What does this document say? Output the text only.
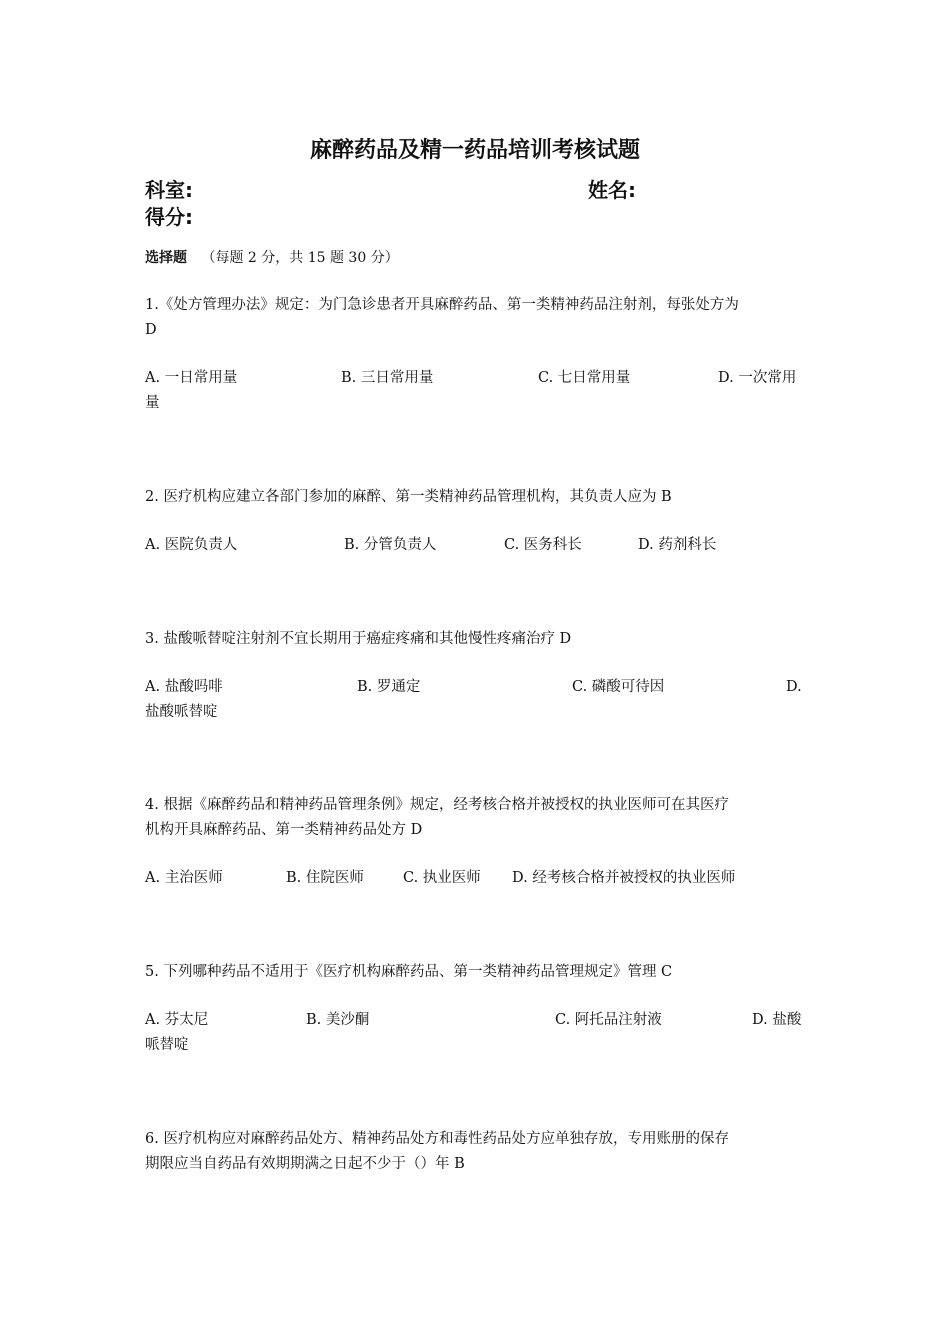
麻醉药品及精一药品培训考核试题
科室:	姓名:
得分:
选择题 （每题 2 分，共 15 题 30 分）
1.《处方管理办法》规定：为门急诊患者开具麻醉药品、第一类精神药品注射剂，每张处方为
D
A. 一日常用量	B. 三日常用量	C. 七日常用量	D. 一次常用
量
2. 医疗机构应建立各部门参加的麻醉、第一类精神药品管理机构，其负责人应为 B
A. 医院负责人	B. 分管负责人	C. 医务科长	D. 药剂科长
3. 盐酸哌替啶注射剂不宜长期用于癌症疼痛和其他慢性疼痛治疗 D
A. 盐酸吗啡	B. 罗通定	C. 磷酸可待因	D.
盐酸哌替啶
4. 根据《麻醉药品和精神药品管理条例》规定，经考核合格并被授权的执业医师可在其医疗
机构开具麻醉药品、第一类精神药品处方 D
A. 主治医师	B. 住院医师	C. 执业医师 D. 经考核合格并被授权的执业医师
5. 下列哪种药品不适用于《医疗机构麻醉药品、第一类精神药品管理规定》管理 C
A. 芬太尼	B. 美沙酮	C. 阿托品注射液	D. 盐酸
哌替啶
6. 医疗机构应对麻醉药品处方、精神药品处方和毒性药品处方应单独存放，专用账册的保存
期限应当自药品有效期期满之日起不少于（）年 B
